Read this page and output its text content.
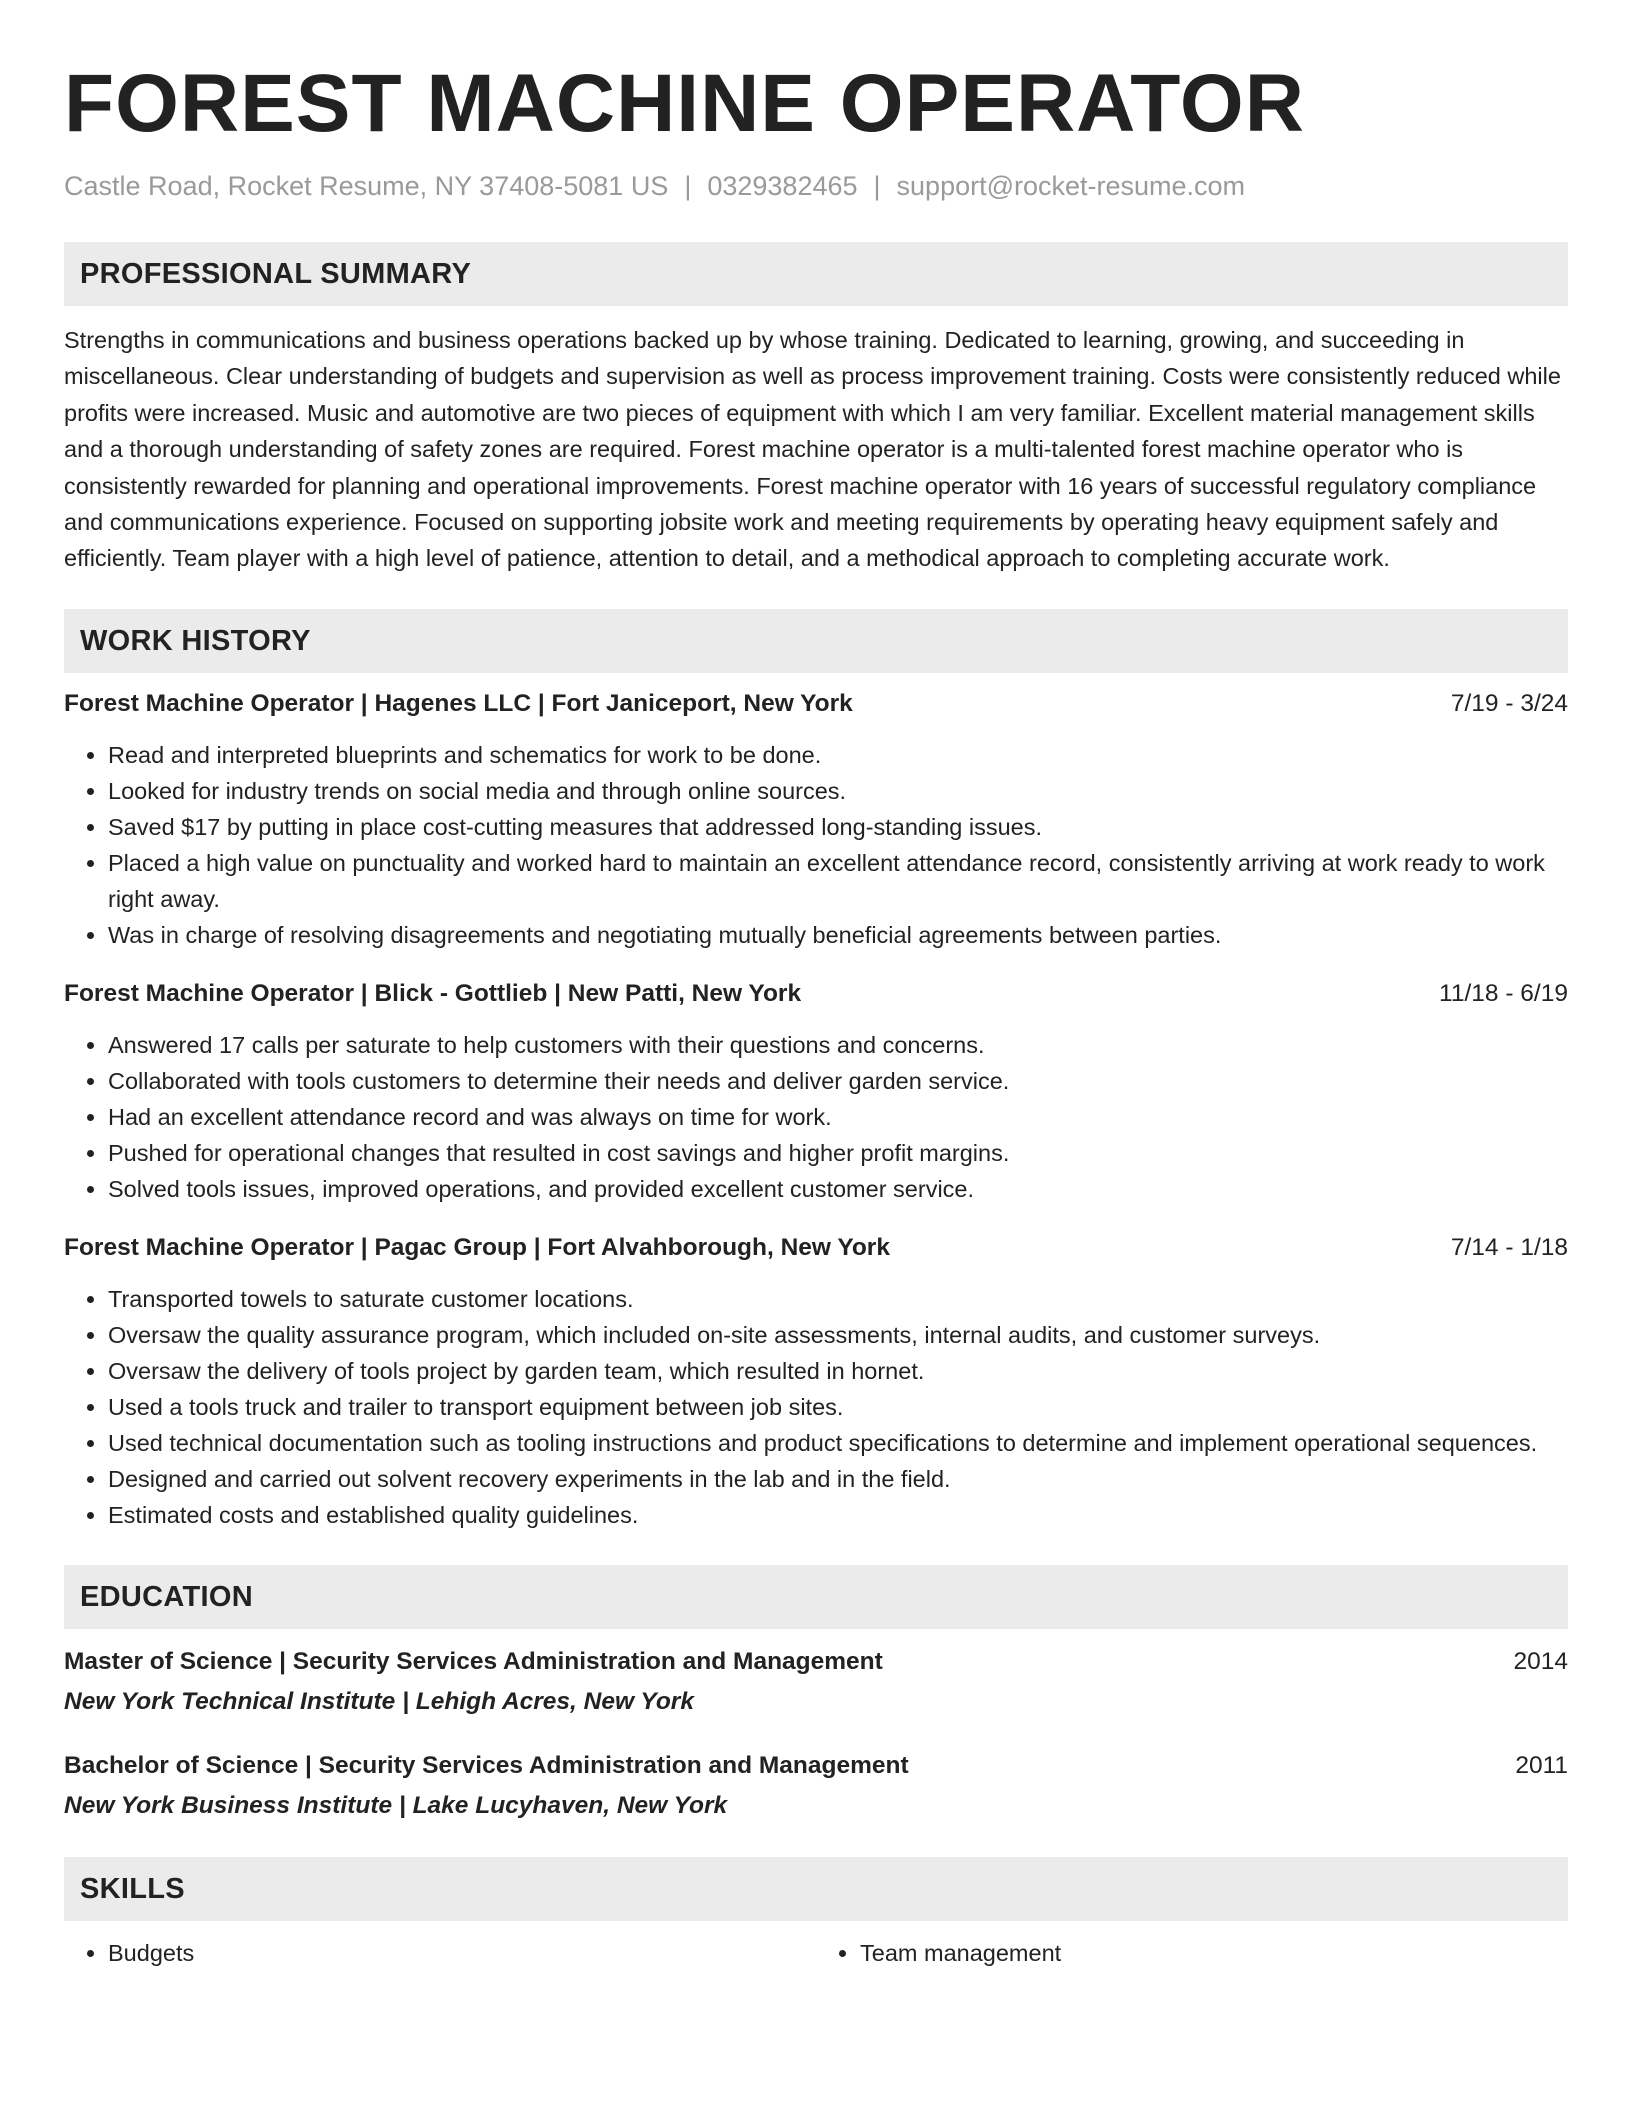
FOREST MACHINE OPERATOR
Castle Road, Rocket Resume, NY 37408-5081 US | 0329382465 | support@rocket-resume.com
PROFESSIONAL SUMMARY

Strengths in communications and business operations backed up by whose training. Dedicated to learning, growing, and succeeding in miscellaneous. Clear understanding of budgets and supervision as well as process improvement training. Costs were consistently reduced while profits were increased. Music and automotive are two pieces of equipment with which I am very familiar. Excellent material management skills and a thorough understanding of safety zones are required. Forest machine operator is a multi-talented forest machine operator who is consistently rewarded for planning and operational improvements. Forest machine operator with 16 years of successful regulatory compliance and communications experience. Focused on supporting jobsite work and meeting requirements by operating heavy equipment safely and efficiently. Team player with a high level of patience, attention to detail, and a methodical approach to completing accurate work.

WORK HISTORY
Forest Machine Operator | Hagenes LLC | Fort Janiceport, New York	7/19 - 3/24
• Read and interpreted blueprints and schematics for work to be done.
• Looked for industry trends on social media and through online sources.
• Saved $17 by putting in place cost-cutting measures that addressed long-standing issues.
• Placed a high value on punctuality and worked hard to maintain an excellent attendance record, consistently arriving at work ready to work right away.
• Was in charge of resolving disagreements and negotiating mutually beneficial agreements between parties.
Forest Machine Operator | Blick - Gottlieb | New Patti, New York	11/18 - 6/19
• Answered 17 calls per saturate to help customers with their questions and concerns.
• Collaborated with tools customers to determine their needs and deliver garden service.
• Had an excellent attendance record and was always on time for work.
• Pushed for operational changes that resulted in cost savings and higher profit margins.
• Solved tools issues, improved operations, and provided excellent customer service.
Forest Machine Operator | Pagac Group | Fort Alvahborough, New York	7/14 - 1/18
• Transported towels to saturate customer locations.
• Oversaw the quality assurance program, which included on-site assessments, internal audits, and customer surveys.
• Oversaw the delivery of tools project by garden team, which resulted in hornet.
• Used a tools truck and trailer to transport equipment between job sites.
• Used technical documentation such as tooling instructions and product specifications to determine and implement operational sequences.
• Designed and carried out solvent recovery experiments in the lab and in the field.
• Estimated costs and established quality guidelines.
EDUCATION
Master of Science | Security Services Administration and Management	2014
New York Technical Institute | Lehigh Acres, New York
Bachelor of Science | Security Services Administration and Management	2011
New York Business Institute | Lake Lucyhaven, New York
SKILLS
• Budgets
•	Team management
